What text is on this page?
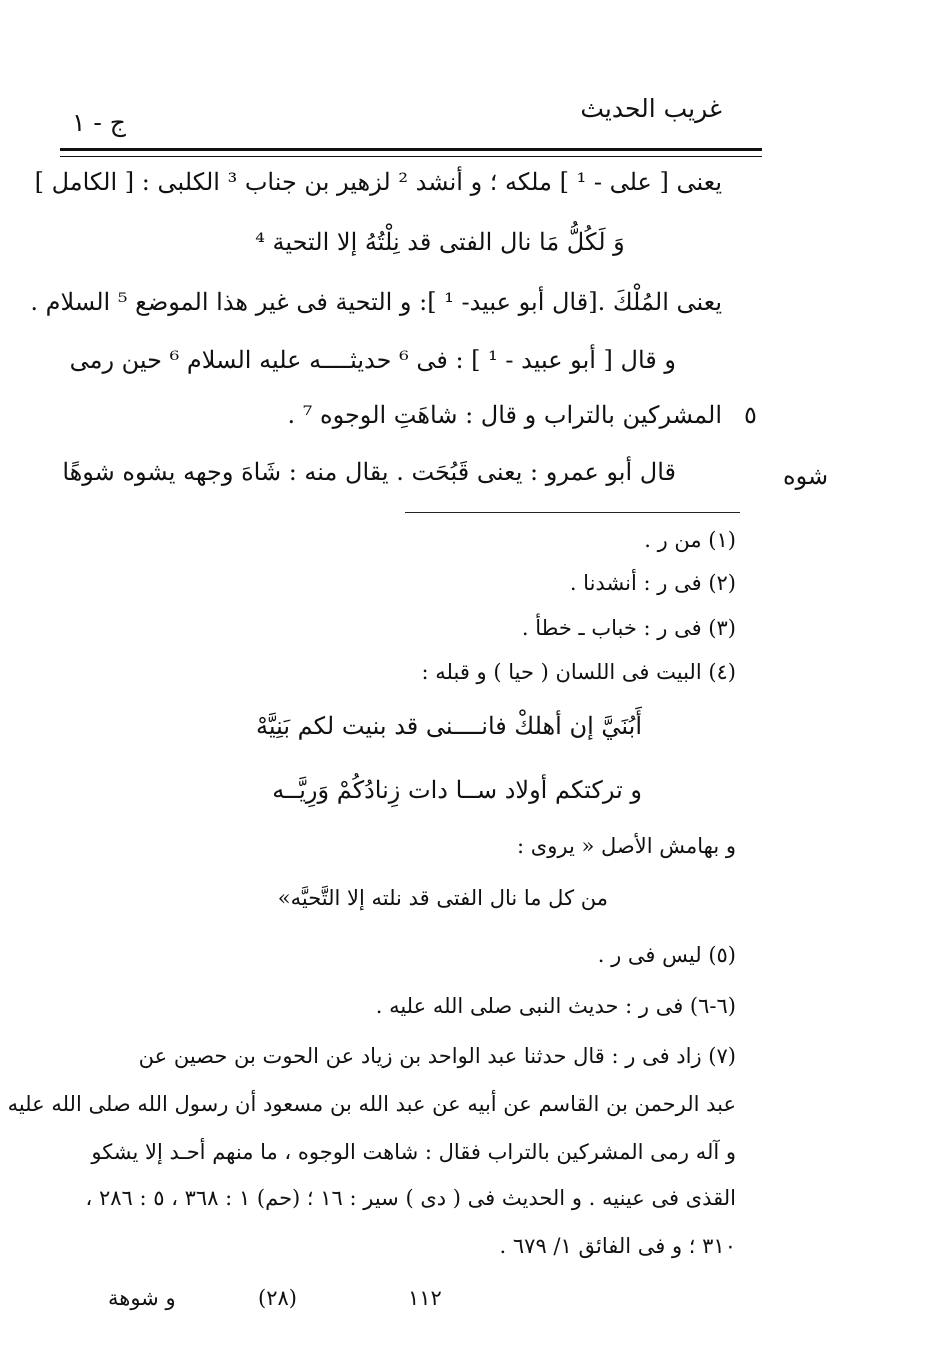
غريب الحديث
ج - ١
يعنى [ على - ¹ ] ملكه ؛ و أنشد ² لزهير بن جناب ³ الكلبى : [ الكامل ]
وَ لَكُلُّ مَا نال الفتى قد نِلْتُهُ إلا التحية ⁴
يعنى المُلْكَ .[قال أبو عبيد- ¹ ]: و التحية فى غير هذا الموضع ⁵ السلام .
و قال [ أبو عبيد - ¹ ] : فى ⁶ حديثــــه عليه السلام ⁶ حين رمى
المشركين بالتراب و قال : شاهَتِ الوجوه ⁷ . ٥
قال أبو عمرو : يعنى قَبُحَت . يقال منه : شَاهَ وجهه يشوه شوهًا	شوه
(١) من ر .
(٢) فى ر : أنشدنا .
(٣) فى ر : خباب ـ خطأ .
(٤) البيت فى اللسان ( حيا ) و قبله :
أَبُنَيَّ إن أهلكْ فانــــنى قد بنيت لكم بَنِيَّهْ
و تركتكم أولاد ســا دات زِنادُكُمْ وَرِيَّــه
و بهامش الأصل « يروى :
من كل ما نال الفتى قد نلته إلا التَّحيَّه»
(٥) ليس فى ر .
(٦-٦) فى ر : حديث النبى صلى الله عليه .
(٧) زاد فى ر : قال حدثنا عبد الواحد بن زياد عن الحوت بن حصين عن
عبد الرحمن بن القاسم عن أبيه عن عبد الله بن مسعود أن رسول الله صلى الله عليه
و آله رمى المشركين بالتراب فقال : شاهت الوجوه ، ما منهم أحـد إلا يشكو
القذى فى عينيه . و الحديث فى ( دى ) سير : ١٦ ؛ (حم) ١ : ٣٦٨ ، ٥ : ٢٨٦ ،
٣١٠ ؛ و فى الفائق ١/ ٦٧٩ .
و شوهة	(٢٨)	١١٢
